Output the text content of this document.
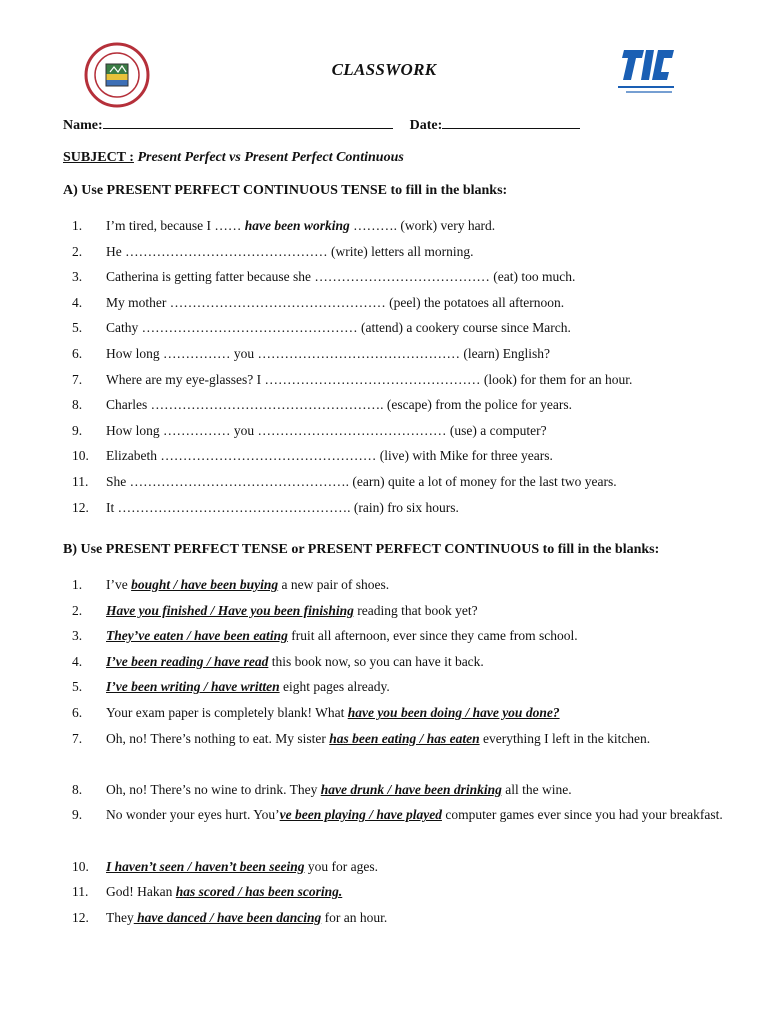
CLASSWORK
Name:	Date:
SUBJECT : Present Perfect vs Present Perfect Continuous
A) Use PRESENT PERFECT CONTINUOUS TENSE to fill in the blanks:
1.	I’m tired, because I …… have been working ………. (work) very hard.
2.	He ……………………………………… (write) letters all morning.
3.	Catherina is getting fatter because she ………………………………… (eat) too much.
4.	My mother ………………………………………… (peel) the potatoes all afternoon.
5.	Cathy ………………………………………… (attend) a cookery course since March.
6.	How long …………… you ……………………………………… (learn) English?
7.	Where are my eye-glasses? I ………………………………………… (look) for them for an hour.
8.	Charles ……………………………………………. (escape) from the police for years.
9.	How long …………… you …………………………………… (use) a computer?
10.	Elizabeth ………………………………………… (live) with Mike for three years.
11.	She …………………………………………. (earn) quite a lot of money for the last two years.
12.	It ……………………………………………. (rain) fro six hours.
B) Use PRESENT PERFECT TENSE or PRESENT PERFECT CONTINUOUS to fill in the blanks:
1.	I’ve bought / have been buying a new pair of shoes.
2.	Have you finished / Have you been finishing reading that book yet?
3.	They’ve eaten / have been eating fruit all afternoon, ever since they came from school.
4.	I’ve been reading / have read this book now, so you can have it back.
5.	I’ve been writing / have written eight pages already.
6.	Your exam paper is completely blank! What have you been doing / have you done?
7.	Oh, no! There’s nothing to eat. My sister has been eating / has eaten everything I left in the kitchen.
8.	Oh, no! There’s no wine to drink. They have drunk / have been drinking all the wine.
9.	No wonder your eyes hurt. You’ve been playing / have played computer games ever since you had your breakfast.
10.	I haven’t seen / haven’t been seeing you for ages.
11.	God! Hakan has scored / has been scoring.
12.	They have danced / have been dancing for an hour.
